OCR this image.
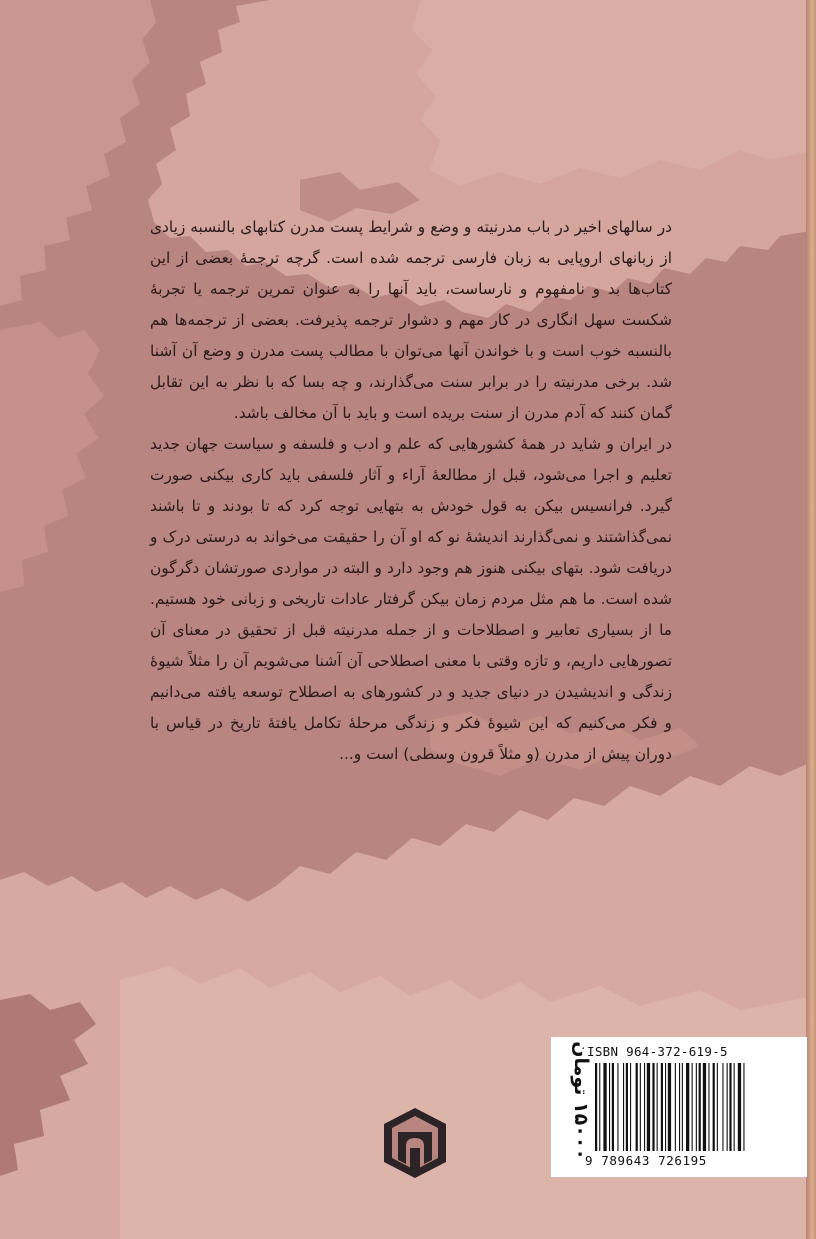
در سالهای اخیر در باب مدرنیته و وضع و شرایط پست مدرن کتابهای بالنسبه زیادی از زبانهای اروپایی به زبان فارسی ترجمه شده است. گرچه ترجمهٔ بعضی از این کتاب‌ها بد و نامفهوم و نارساست، باید آنها را به عنوان تمرین ترجمه یا تجربهٔ شکست سهل انگاری در کار مهم و دشوار ترجمه پذیرفت. بعضی از ترجمه‌ها هم بالنسبه خوب است و با خواندن آنها می‌توان با مطالب پست مدرن و وضع آن آشنا شد. برخی مدرنیته را در برابر سنت می‌گذارند، و چه بسا که با نظر به این تقابل گمان کنند که آدم مدرن از سنت بریده است و باید با آن مخالف باشد.

در ایران و شاید در همهٔ کشورهایی که علم و ادب و فلسفه و سیاست جهان جدید تعلیم و اجرا می‌شود، قبل از مطالعهٔ آراء و آثار فلسفی باید کاری بیکنی صورت گیرد. فرانسیس بیکن به قول خودش به بتهایی توجه کرد که تا بودند و تا باشند نمی‌گذاشتند و نمی‌گذارند اندیشهٔ نو که او آن را حقیقت می‌خواند به درستی درک و دریافت شود. بتهای بیکنی هنوز هم وجود دارد و البته در مواردی صورتشان دگرگون شده است. ما هم مثل مردم زمان بیکن گرفتار عادات تاریخی و زبانی خود هستیم. ما از بسیاری تعابیر و اصطلاحات و از جمله مدرنیته قبل از تحقیق در معنای آن تصورهایی داریم، و تازه وقتی با معنی اصطلاحی آن آشنا می‌شویم آن را مثلاً شیوهٔ زندگی و اندیشیدن در دنیای جدید و در کشورهای به اصطلاح توسعه یافته می‌دانیم و فکر می‌کنیم که این شیوهٔ فکر و زندگی مرحلهٔ تکامل یافتهٔ تاریخ در قیاس با دوران پیش از مدرن (و مثلاً قرون وسطی) است و...

۱۵۰۰۰ تومان
ISBN 964-372-619-5
9 789643 726195
